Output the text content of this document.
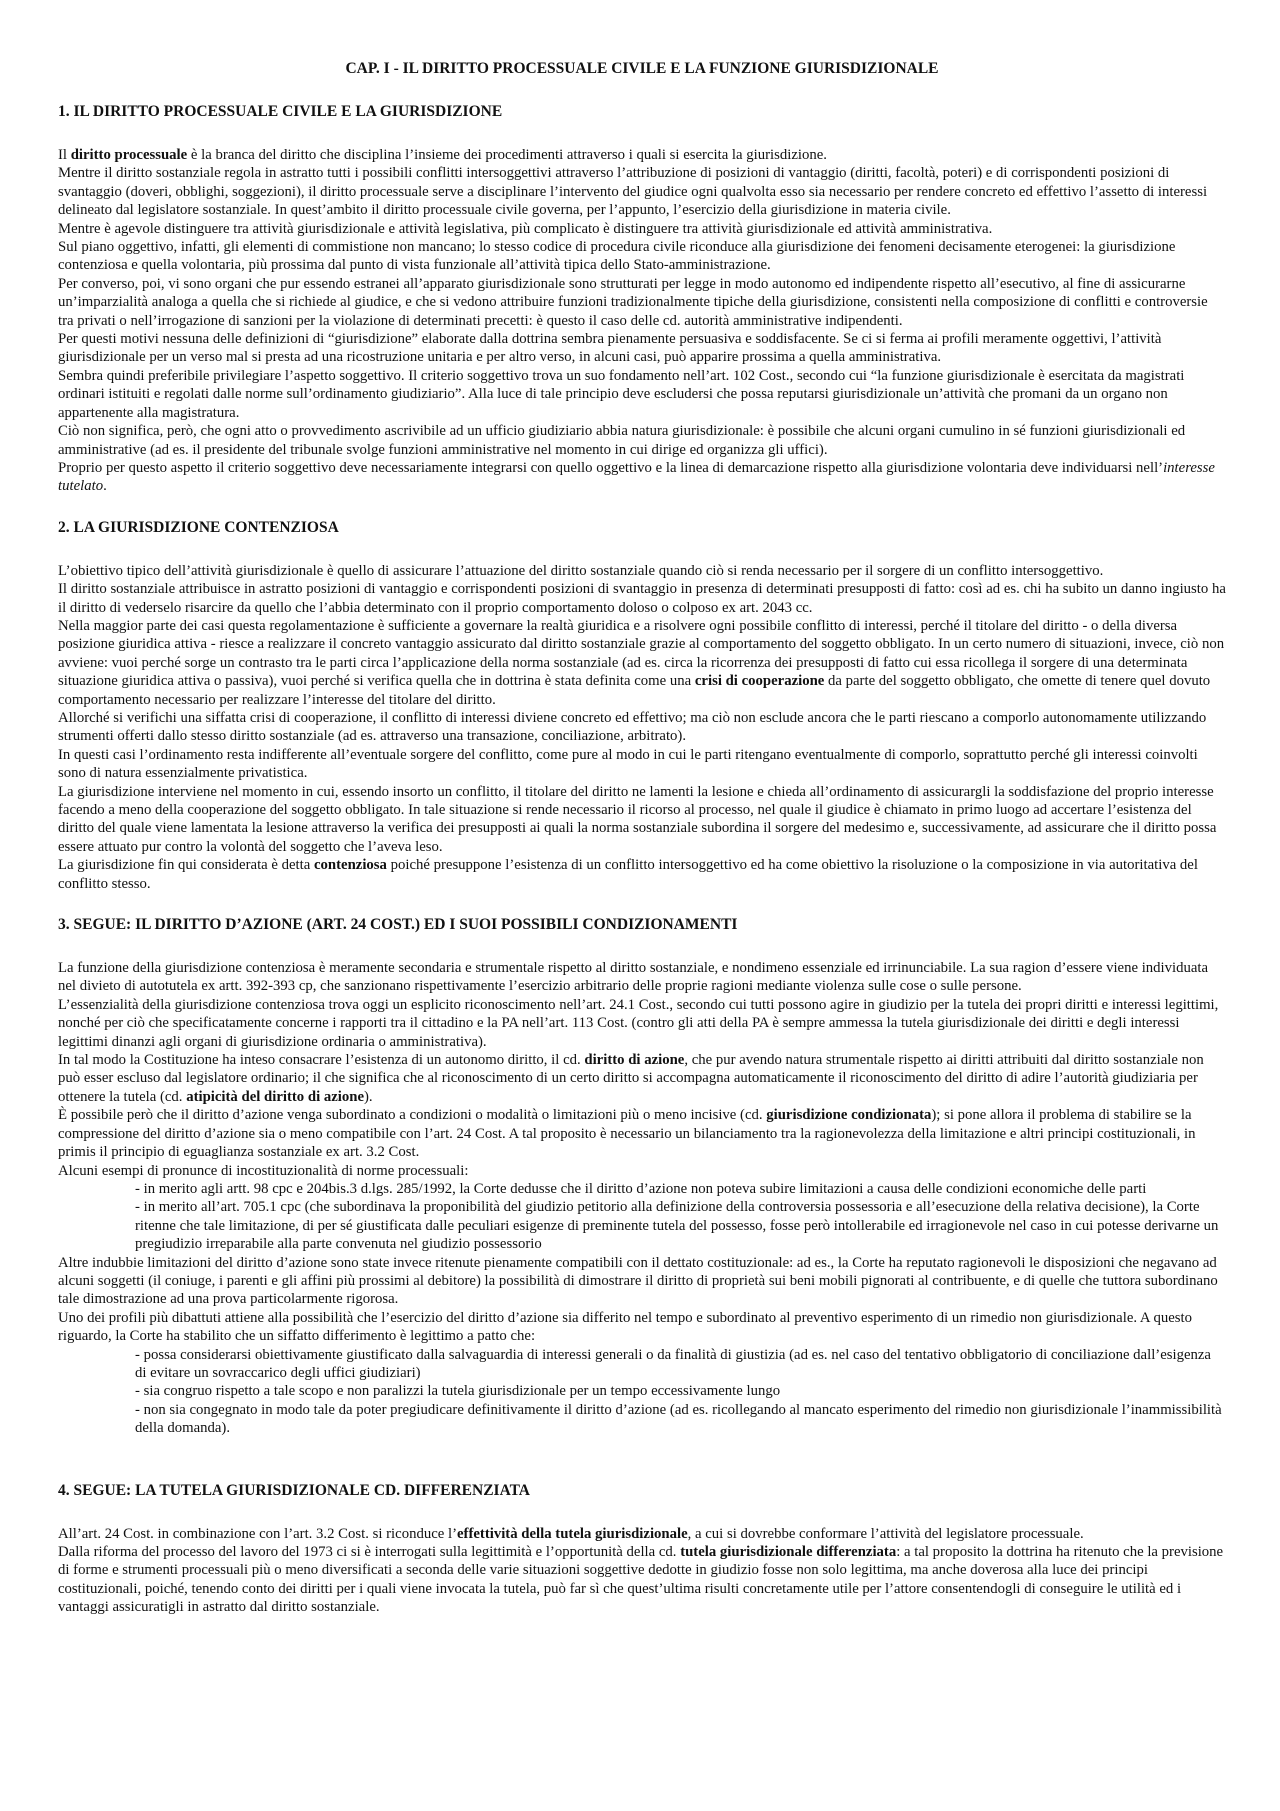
CAP. I - IL DIRITTO PROCESSUALE CIVILE E LA FUNZIONE GIURISDIZIONALE
1. IL DIRITTO PROCESSUALE CIVILE E LA GIURISDIZIONE

Il diritto processuale è la branca del diritto che disciplina l’insieme dei procedimenti attraverso i quali si esercita la giurisdizione.

Mentre il diritto sostanziale regola in astratto tutti i possibili conflitti intersoggettivi attraverso l’attribuzione di posizioni di vantaggio (diritti, facoltà, poteri) e di corrispondenti posizioni di svantaggio (doveri, obblighi, soggezioni), il diritto processuale serve a disciplinare l’intervento del giudice ogni qualvolta esso sia necessario per rendere concreto ed effettivo l’assetto di interessi delineato dal legislatore sostanziale. In quest’ambito il diritto processuale civile governa, per l’appunto, l’esercizio della giurisdizione in materia civile.

Mentre è agevole distinguere tra attività giurisdizionale e attività legislativa, più complicato è distinguere tra attività giurisdizionale ed attività amministrativa.

Sul piano oggettivo, infatti, gli elementi di commistione non mancano; lo stesso codice di procedura civile riconduce alla giurisdizione dei fenomeni decisamente eterogenei: la giurisdizione contenziosa e quella volontaria, più prossima dal punto di vista funzionale all’attività tipica dello Stato-amministrazione.

Per converso, poi, vi sono organi che pur essendo estranei all’apparato giurisdizionale sono strutturati per legge in modo autonomo ed indipendente rispetto all’esecutivo, al fine di assicurarne un’imparzialità analoga a quella che si richiede al giudice, e che si vedono attribuire funzioni tradizionalmente tipiche della giurisdizione, consistenti nella composizione di conflitti e controversie tra privati o nell’irrogazione di sanzioni per la violazione di determinati precetti: è questo il caso delle cd. autorità amministrative indipendenti.

Per questi motivi nessuna delle definizioni di “giurisdizione” elaborate dalla dottrina sembra pienamente persuasiva e soddisfacente. Se ci si ferma ai profili meramente oggettivi, l’attività giurisdizionale per un verso mal si presta ad una ricostruzione unitaria e per altro verso, in alcuni casi, può apparire prossima a quella amministrativa.

Sembra quindi preferibile privilegiare l’aspetto soggettivo. Il criterio soggettivo trova un suo fondamento nell’art. 102 Cost., secondo cui “la funzione giurisdizionale è esercitata da magistrati ordinari istituiti e regolati dalle norme sull’ordinamento giudiziario”. Alla luce di tale principio deve escludersi che possa reputarsi giurisdizionale un’attività che promani da un organo non appartenente alla magistratura.

Ciò non significa, però, che ogni atto o provvedimento ascrivibile ad un ufficio giudiziario abbia natura giurisdizionale: è possibile che alcuni organi cumulino in sé funzioni giurisdizionali ed amministrative (ad es. il presidente del tribunale svolge funzioni amministrative nel momento in cui dirige ed organizza gli uffici).

Proprio per questo aspetto il criterio soggettivo deve necessariamente integrarsi con quello oggettivo e la linea di demarcazione rispetto alla giurisdizione volontaria deve individuarsi nell’interesse tutelato.

2. LA GIURISDIZIONE CONTENZIOSA

L’obiettivo tipico dell’attività giurisdizionale è quello di assicurare l’attuazione del diritto sostanziale quando ciò si renda necessario per il sorgere di un conflitto intersoggettivo.

Il diritto sostanziale attribuisce in astratto posizioni di vantaggio e corrispondenti posizioni di svantaggio in presenza di determinati presupposti di fatto: così ad es. chi ha subito un danno ingiusto ha il diritto di vederselo risarcire da quello che l’abbia determinato con il proprio comportamento doloso o colposo ex art. 2043 cc.

Nella maggior parte dei casi questa regolamentazione è sufficiente a governare la realtà giuridica e a risolvere ogni possibile conflitto di interessi, perché il titolare del diritto - o della diversa posizione giuridica attiva - riesce a realizzare il concreto vantaggio assicurato dal diritto sostanziale grazie al comportamento del soggetto obbligato. In un certo numero di situazioni, invece, ciò non avviene: vuoi perché sorge un contrasto tra le parti circa l’applicazione della norma sostanziale (ad es. circa la ricorrenza dei presupposti di fatto cui essa ricollega il sorgere di una determinata situazione giuridica attiva o passiva), vuoi perché si verifica quella che in dottrina è stata definita come una crisi di cooperazione da parte del soggetto obbligato, che omette di tenere quel dovuto comportamento necessario per realizzare l’interesse del titolare del diritto.

Allorché si verifichi una siffatta crisi di cooperazione, il conflitto di interessi diviene concreto ed effettivo; ma ciò non esclude ancora che le parti riescano a comporlo autonomamente utilizzando strumenti offerti dallo stesso diritto sostanziale (ad es. attraverso una transazione, conciliazione, arbitrato).

In questi casi l’ordinamento resta indifferente all’eventuale sorgere del conflitto, come pure al modo in cui le parti ritengano eventualmente di comporlo, soprattutto perché gli interessi coinvolti sono di natura essenzialmente privatistica.

La giurisdizione interviene nel momento in cui, essendo insorto un conflitto, il titolare del diritto ne lamenti la lesione e chieda all’ordinamento di assicurargli la soddisfazione del proprio interesse facendo a meno della cooperazione del soggetto obbligato. In tale situazione si rende necessario il ricorso al processo, nel quale il giudice è chiamato in primo luogo ad accertare l’esistenza del diritto del quale viene lamentata la lesione attraverso la verifica dei presupposti ai quali la norma sostanziale subordina il sorgere del medesimo e, successivamente, ad assicurare che il diritto possa essere attuato pur contro la volontà del soggetto che l’aveva leso.

La giurisdizione fin qui considerata è detta contenziosa poiché presuppone l’esistenza di un conflitto intersoggettivo ed ha come obiettivo la risoluzione o la composizione in via autoritativa del conflitto stesso.

3. SEGUE: IL DIRITTO D’AZIONE (ART. 24 COST.) ED I SUOI POSSIBILI CONDIZIONAMENTI

La funzione della giurisdizione contenziosa è meramente secondaria e strumentale rispetto al diritto sostanziale, e nondimeno essenziale ed irrinunciabile. La sua ragion d’essere viene individuata nel divieto di autotutela ex artt. 392-393 cp, che sanzionano rispettivamente l’esercizio arbitrario delle proprie ragioni mediante violenza sulle cose o sulle persone.

L’essenzialità della giurisdizione contenziosa trova oggi un esplicito riconoscimento nell’art. 24.1 Cost., secondo cui tutti possono agire in giudizio per la tutela dei propri diritti e interessi legittimi, nonché per ciò che specificatamente concerne i rapporti tra il cittadino e la PA nell’art. 113 Cost. (contro gli atti della PA è sempre ammessa la tutela giurisdizionale dei diritti e degli interessi legittimi dinanzi agli organi di giurisdizione ordinaria o amministrativa).

In tal modo la Costituzione ha inteso consacrare l’esistenza di un autonomo diritto, il cd. diritto di azione, che pur avendo natura strumentale rispetto ai diritti attribuiti dal diritto sostanziale non può esser escluso dal legislatore ordinario; il che significa che al riconoscimento di un certo diritto si accompagna automaticamente il riconoscimento del diritto di adire l’autorità giudiziaria per ottenere la tutela (cd. atipicità del diritto di azione).

È possibile però che il diritto d’azione venga subordinato a condizioni o modalità o limitazioni più o meno incisive (cd. giurisdizione condizionata); si pone allora il problema di stabilire se la compressione del diritto d’azione sia o meno compatibile con l’art. 24 Cost. A tal proposito è necessario un bilanciamento tra la ragionevolezza della limitazione e altri principi costituzionali, in primis il principio di eguaglianza sostanziale ex art. 3.2 Cost.

Alcuni esempi di pronunce di incostituzionalità di norme processuali:

- in merito agli artt. 98 cpc e 204bis.3 d.lgs. 285/1992, la Corte dedusse che il diritto d’azione non poteva subire limitazioni a causa delle condizioni economiche delle parti
- in merito all’art. 705.1 cpc (che subordinava la proponibilità del giudizio petitorio alla definizione della controversia possessoria e all’esecuzione della relativa decisione), la Corte ritenne che tale limitazione, di per sé giustificata dalle peculiari esigenze di preminente tutela del possesso, fosse però intollerabile ed irragionevole nel caso in cui potesse derivarne un pregiudizio irreparabile alla parte convenuta nel giudizio possessorio

Altre indubbie limitazioni del diritto d’azione sono state invece ritenute pienamente compatibili con il dettato costituzionale: ad es., la Corte ha reputato ragionevoli le disposizioni che negavano ad alcuni soggetti (il coniuge, i parenti e gli affini più prossimi al debitore) la possibilità di dimostrare il diritto di proprietà sui beni mobili pignorati al contribuente, e di quelle che tuttora subordinano tale dimostrazione ad una prova particolarmente rigorosa.

Uno dei profili più dibattuti attiene alla possibilità che l’esercizio del diritto d’azione sia differito nel tempo e subordinato al preventivo esperimento di un rimedio non giurisdizionale. A questo riguardo, la Corte ha stabilito che un siffatto differimento è legittimo a patto che:

- possa considerarsi obiettivamente giustificato dalla salvaguardia di interessi generali o da finalità di giustizia (ad es. nel caso del tentativo obbligatorio di conciliazione dall’esigenza di evitare un sovraccarico degli uffici giudiziari)
- sia congruo rispetto a tale scopo e non paralizzi la tutela giurisdizionale per un tempo eccessivamente lungo
- non sia congegnato in modo tale da poter pregiudicare definitivamente il diritto d’azione (ad es. ricollegando al mancato esperimento del rimedio non giurisdizionale l’inammissibilità della domanda).
4. SEGUE: LA TUTELA GIURISDIZIONALE CD. DIFFERENZIATA

All’art. 24 Cost. in combinazione con l’art. 3.2 Cost. si riconduce l’effettività della tutela giurisdizionale, a cui si dovrebbe conformare l’attività del legislatore processuale.

Dalla riforma del processo del lavoro del 1973 ci si è interrogati sulla legittimità e l’opportunità della cd. tutela giurisdizionale differenziata: a tal proposito la dottrina ha ritenuto che la previsione di forme e strumenti processuali più o meno diversificati a seconda delle varie situazioni soggettive dedotte in giudizio fosse non solo legittima, ma anche doverosa alla luce dei principi costituzionali, poiché, tenendo conto dei diritti per i quali viene invocata la tutela, può far sì che quest’ultima risulti concretamente utile per l’attore consentendogli di conseguire le utilità ed i vantaggi assicuratigli in astratto dal diritto sostanziale.
